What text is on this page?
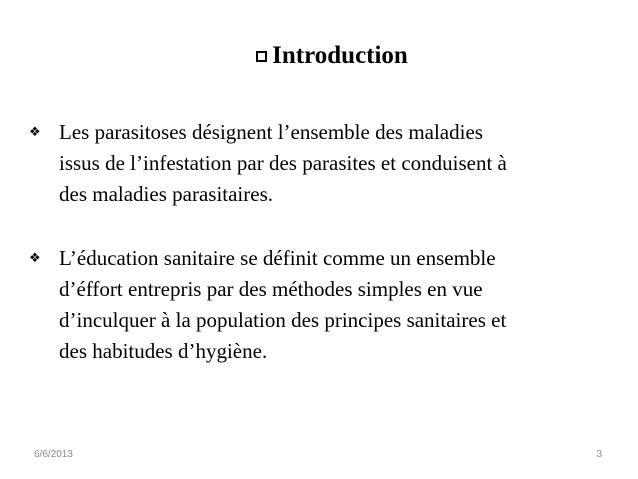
Introduction
❖ Les parasitoses désignent l’ensemble des maladies
issus de l’infestation par des parasites et conduisent à
des maladies parasitaires.
❖ L’éducation sanitaire se définit comme un ensemble
d’éffort entrepris par des méthodes simples en vue
d’inculquer à la population des principes sanitaires et
des habitudes d’hygiène.
6/6/2013	3
